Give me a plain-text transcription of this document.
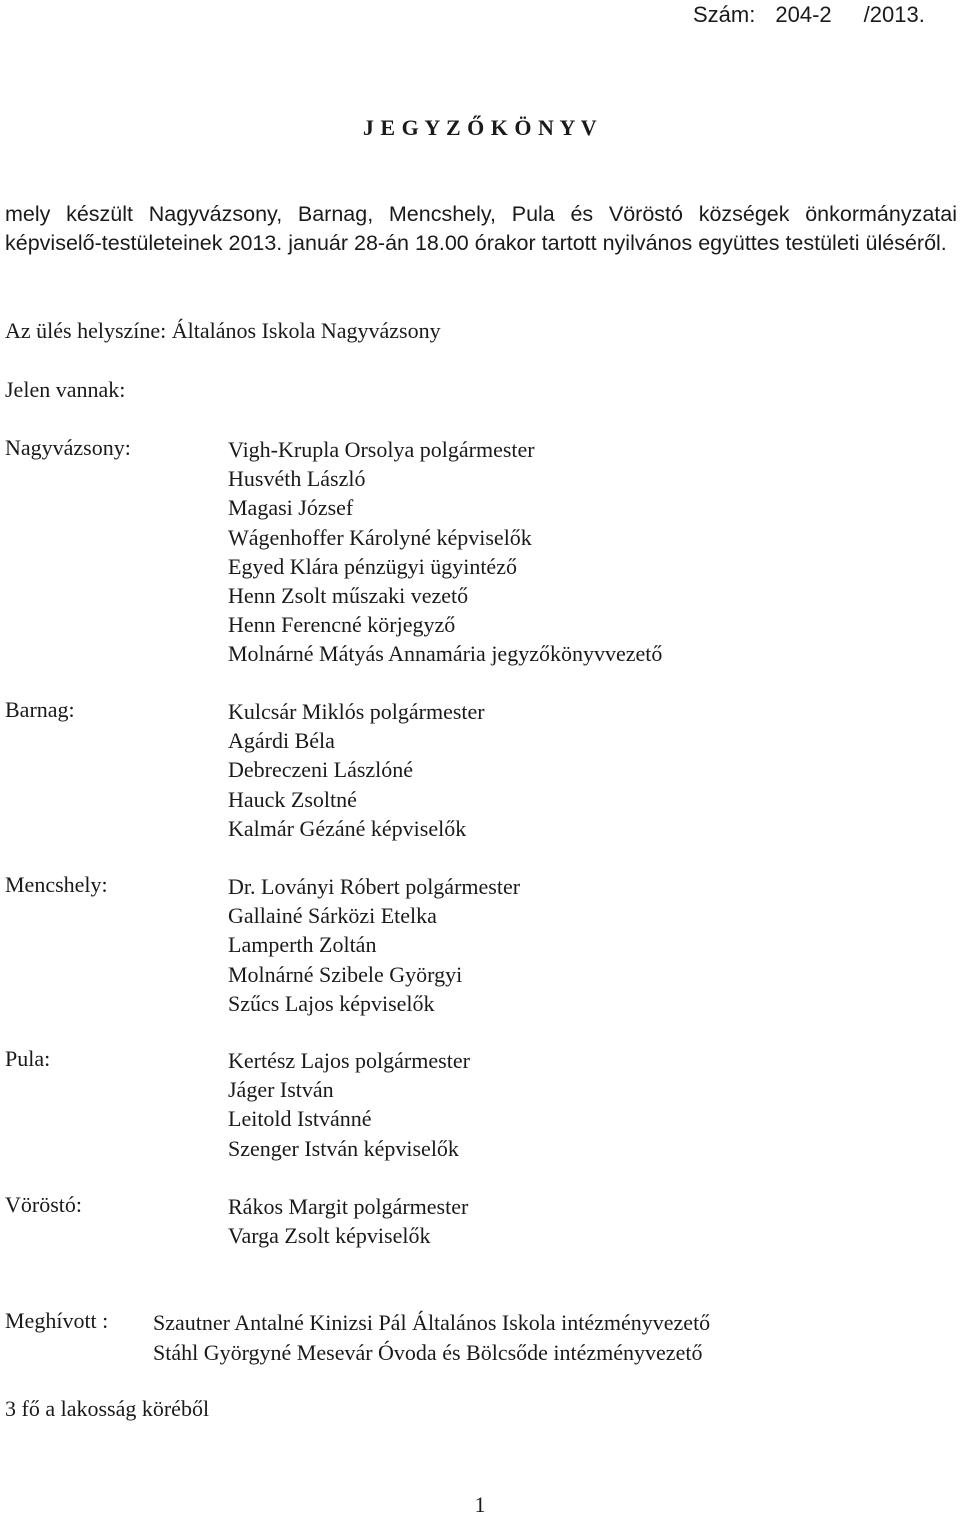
Szám: 204-2 /2013.
J E G Y Z Ő K Ö N Y V
mely készült Nagyvázsony, Barnag, Mencshely, Pula és Vöröstó községek önkormányzatai képviselő-testületeinek 2013. január 28-án 18.00 órakor tartott nyilvános együttes testületi üléséről.
Az ülés helyszíne: Általános Iskola Nagyvázsony
Jelen vannak:
Nagyvázsony:	Vigh-Krupla Orsolya polgármester
Husvéth László
Magasi József
Wágenhoffer Károlyné képviselők
Egyed Klára pénzügyi ügyintéző
Henn Zsolt műszaki vezető
Henn Ferencné körjegyző
Molnárné Mátyás Annamária jegyzőkönyvvezető
Barnag:	Kulcsár Miklós polgármester
Agárdi Béla
Debreczeni Lászlóné
Hauck Zsoltné
Kalmár Gézáné képviselők
Mencshely:	Dr. Loványi Róbert polgármester
Gallainé Sárközi Etelka
Lamperth Zoltán
Molnárné Szibele Györgyi
Szűcs Lajos képviselők
Pula:	Kertész Lajos polgármester
Jáger István
Leitold Istvánné
Szenger István képviselők
Vöröstó:	Rákos Margit polgármester
Varga Zsolt képviselők
Meghívott : Szautner Antalné Kinizsi Pál Általános Iskola intézményvezető
Stáhl Györgyné Mesevár Óvoda és Bölcsőde intézményvezető
3 fő a lakosság köréből
1
